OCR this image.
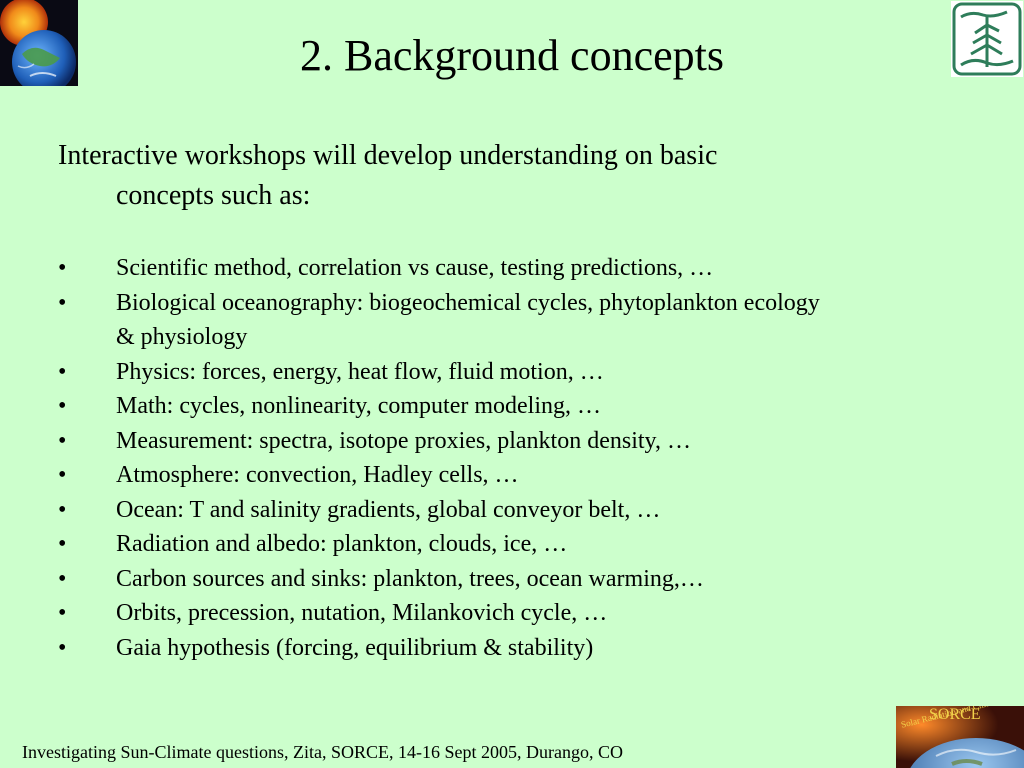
2. Background concepts
Interactive workshops will develop understanding on basic
concepts such as:
• Scientific method, correlation vs cause, testing predictions, …
• Biological oceanography: biogeochemical cycles, phytoplankton ecology
& physiology
• Physics: forces, energy, heat flow, fluid motion, …
• Math: cycles, nonlinearity, computer modeling, …
• Measurement: spectra, isotope proxies, plankton density, …
• Atmosphere: convection, Hadley cells, …
• Ocean: T and salinity gradients, global conveyor belt, …
• Radiation and albedo: plankton, clouds, ice, …
• Carbon sources and sinks: plankton, trees, ocean warming,…
• Orbits, precession, nutation, Milankovich cycle, …
• Gaia hypothesis (forcing, equilibrium & stability)
Investigating Sun-Climate questions, Zita, SORCE, 14-16 Sept 2005, Durango, CO
SORCE
